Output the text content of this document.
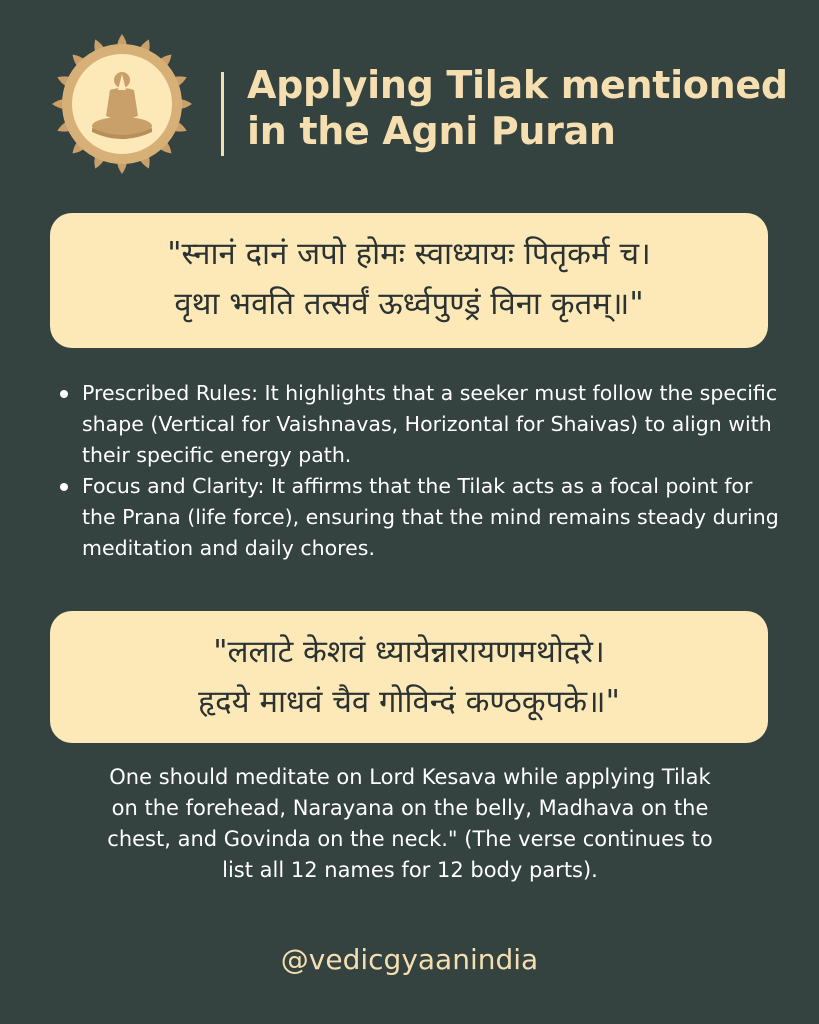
Applying Tilak mentioned
in the Agni Puran
"स्नानं दानं जपो होमः स्वाध्यायः पितृकर्म च।
वृथा भवति तत्सर्वं ऊर्ध्वपुण्ड्रं विना कृतम्॥"
Prescribed Rules: It highlights that a seeker must follow the specific shape (Vertical for Vaishnavas, Horizontal for Shaivas) to align with their specific energy path.
Focus and Clarity: It affirms that the Tilak acts as a focal point for the Prana (life force), ensuring that the mind remains steady during meditation and daily chores.
"ललाटे केशवं ध्यायेन्नारायणमथोदरे।
हृदये माधवं चैव गोविन्दं कण्ठकूपके॥"
One should meditate on Lord Kesava while applying Tilak
on the forehead, Narayana on the belly, Madhava on the
chest, and Govinda on the neck." (The verse continues to
list all 12 names for 12 body parts).
@vedicgyaanindia
